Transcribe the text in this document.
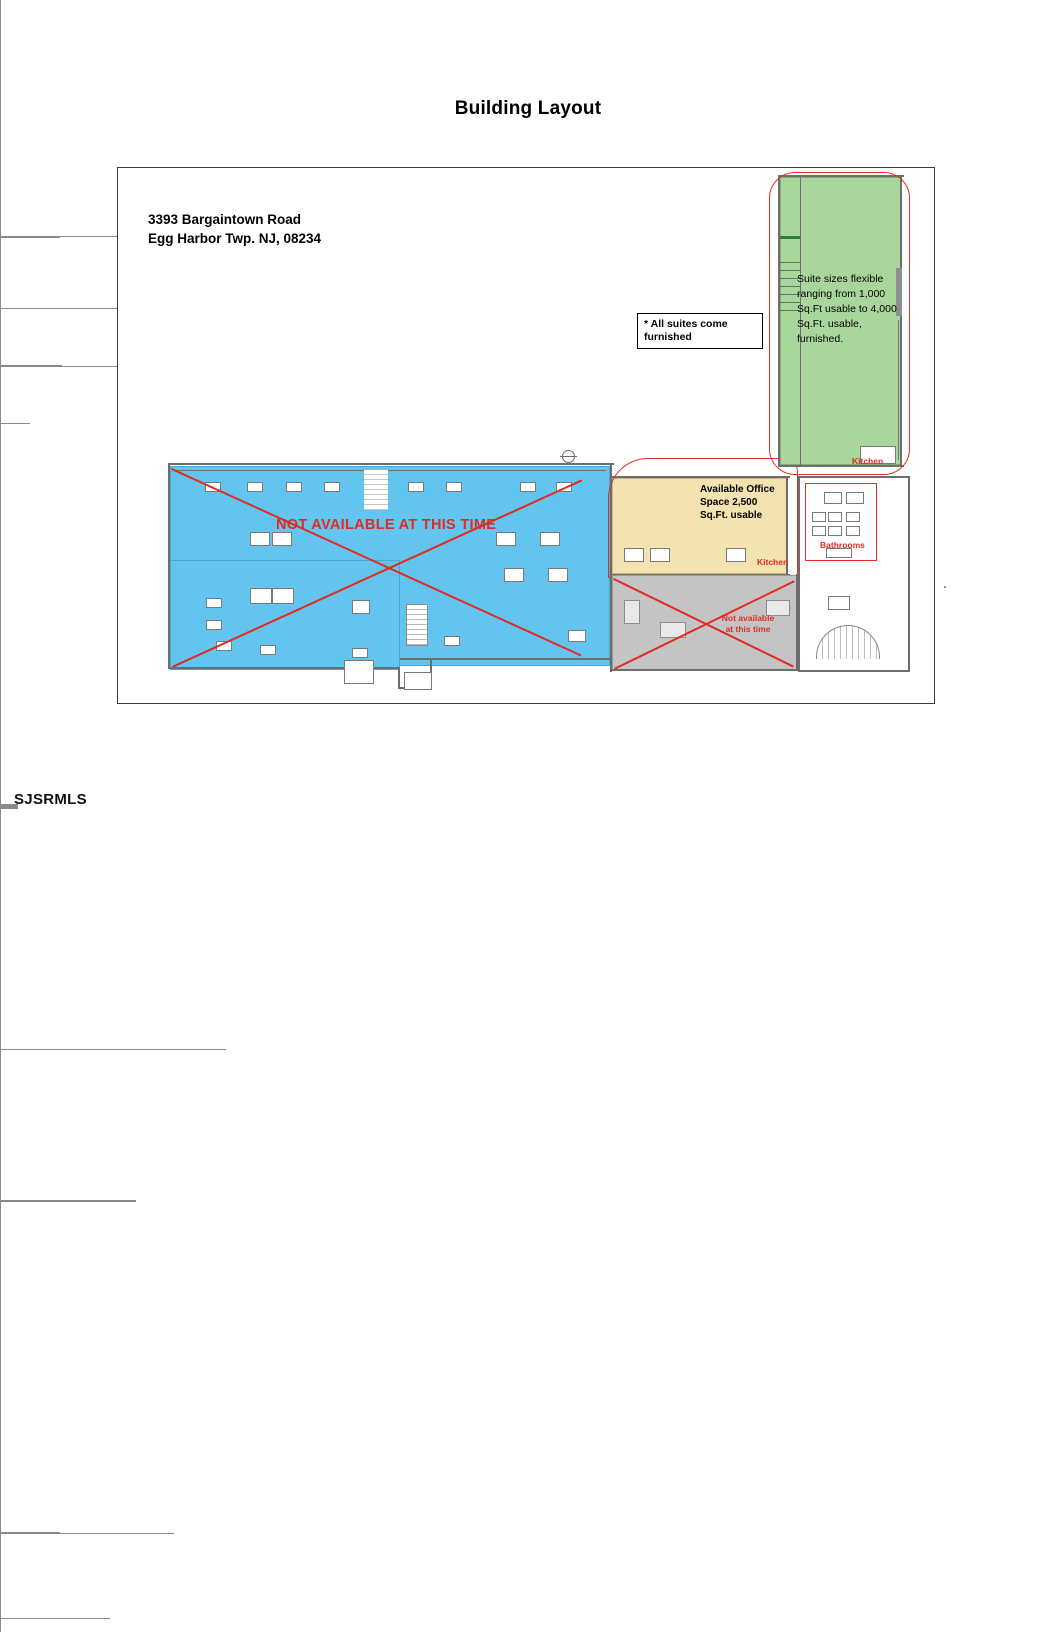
Building Layout
3393 Bargaintown Road
Egg Harbor Twp. NJ, 08234
NOT AVAILABLE AT THIS TIME
Available Office Space 2,500 Sq.Ft. usable
Kitchen
Not available at this time
Bathrooms
Suite sizes flexible ranging from 1,000 Sq.Ft usable to 4,000 Sq.Ft. usable, furnished.
Kitchen
* All suites come furnished
SJSRMLS
